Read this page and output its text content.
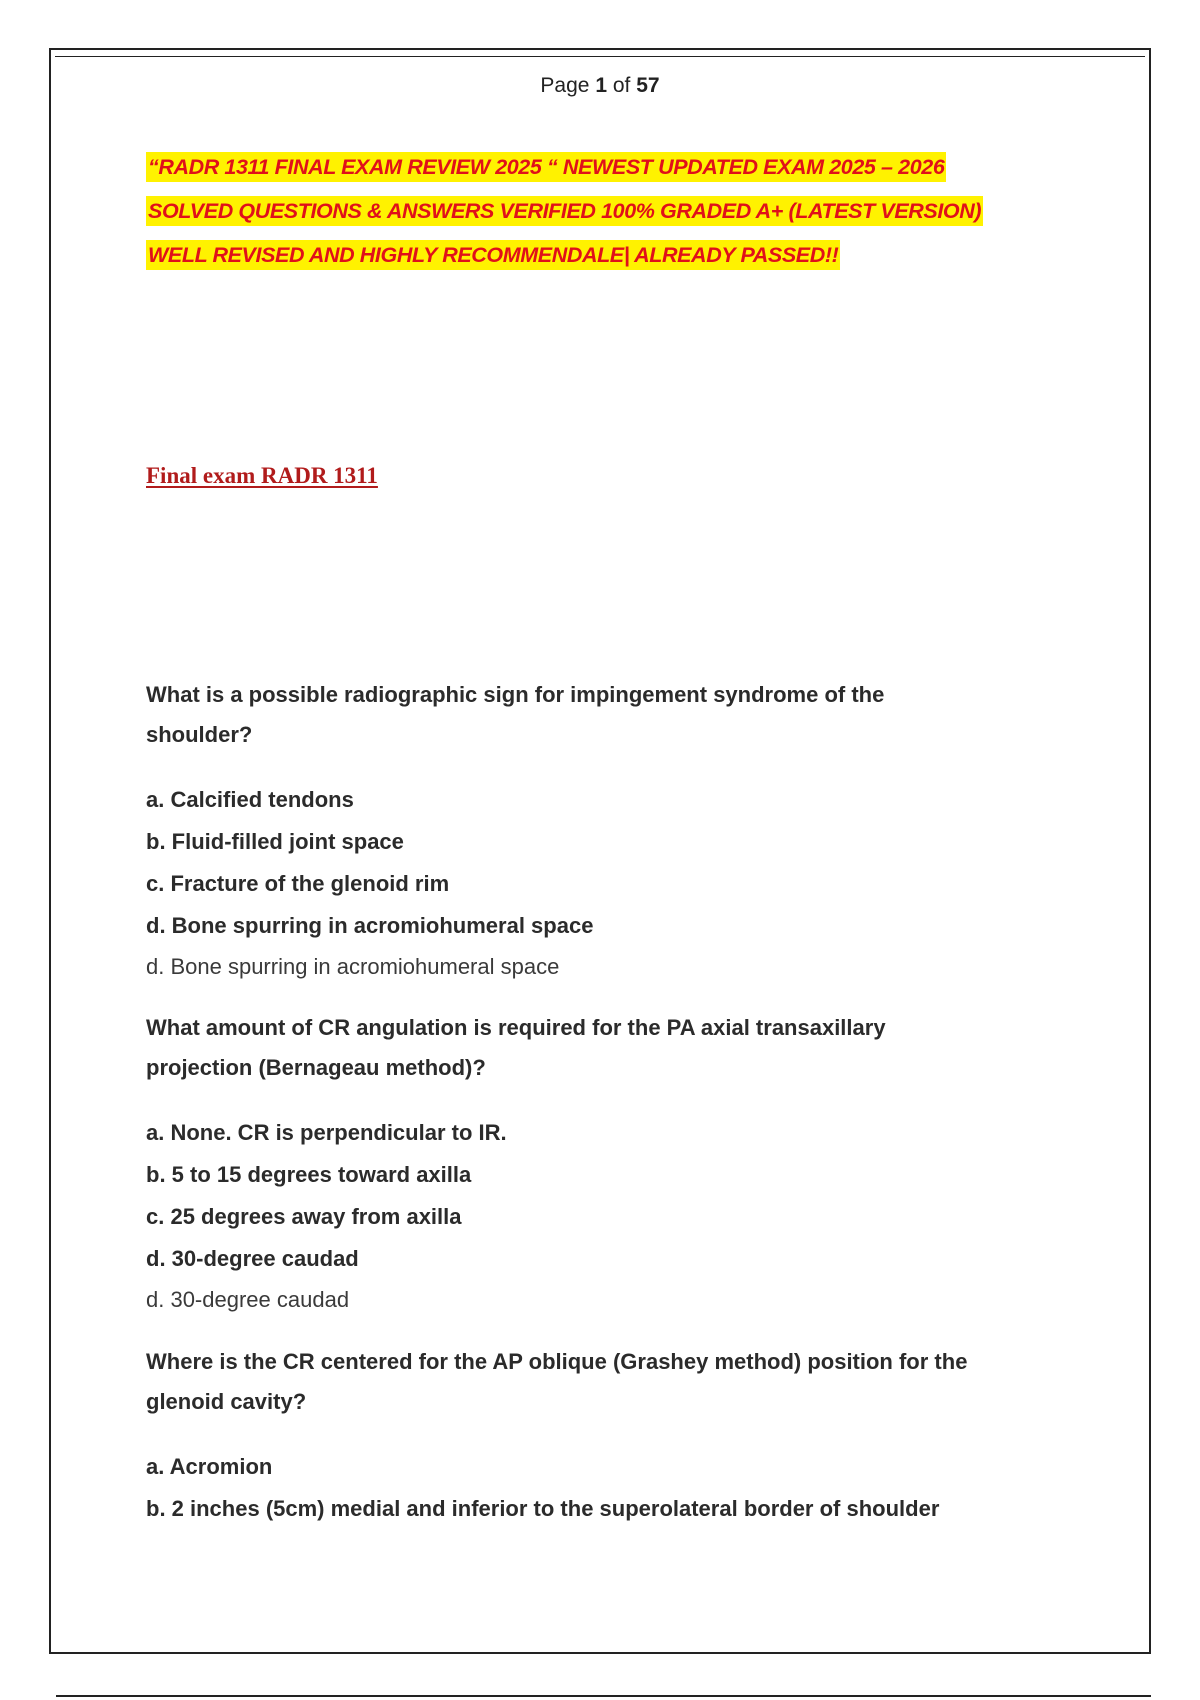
Page 1 of 57
“RADR 1311 FINAL EXAM REVIEW 2025 “ NEWEST UPDATED EXAM 2025 – 2026
SOLVED QUESTIONS & ANSWERS VERIFIED 100% GRADED A+ (LATEST VERSION)
WELL REVISED AND HIGHLY RECOMMENDALE| ALREADY PASSED!!
Final exam RADR 1311
What is a possible radiographic sign for impingement syndrome of the
shoulder?
a. Calcified tendons
b. Fluid-filled joint space
c. Fracture of the glenoid rim
d. Bone spurring in acromiohumeral space
d. Bone spurring in acromiohumeral space
What amount of CR angulation is required for the PA axial transaxillary
projection (Bernageau method)?
a. None. CR is perpendicular to IR.
b. 5 to 15 degrees toward axilla
c. 25 degrees away from axilla
d. 30-degree caudad
d. 30-degree caudad
Where is the CR centered for the AP oblique (Grashey method) position for the
glenoid cavity?
a. Acromion
b. 2 inches (5cm) medial and inferior to the superolateral border of shoulder
